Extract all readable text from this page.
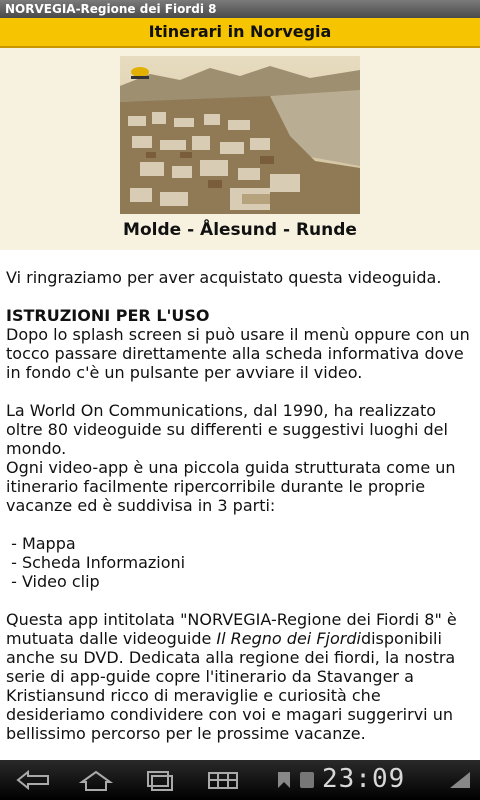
NORVEGIA-Regione dei Fiordi 8
Itinerari in Norvegia
Molde - Ålesund - Runde

Vi ringraziamo per aver acquistato questa videoguida.

ISTRUZIONI PER L'USO

Dopo lo splash screen si può usare il menù oppure con un tocco passare direttamente alla scheda informativa dove in fondo c'è un pulsante per avviare il video.

La World On Communications, dal 1990, ha realizzato oltre 80 videoguide su differenti e suggestivi luoghi del mondo.

Ogni video-app è una piccola guida strutturata come un itinerario facilmente ripercorribile durante le proprie vacanze ed è suddivisa in 3 parti:

- Mappa

- Scheda Informazioni

- Video clip

Questa app intitolata "NORVEGIA-Regione dei Fiordi 8" è mutuata dalle videoguide Il Regno dei Fjordidisponibili anche su DVD. Dedicata alla regione dei fiordi, la nostra serie di app-guide copre l'itinerario da Stavanger a Kristiansund ricco di meraviglie e curiosità che desideriamo condividere con voi e magari suggerirvi un bellissimo percorso per le prossime vacanze.

23:09
